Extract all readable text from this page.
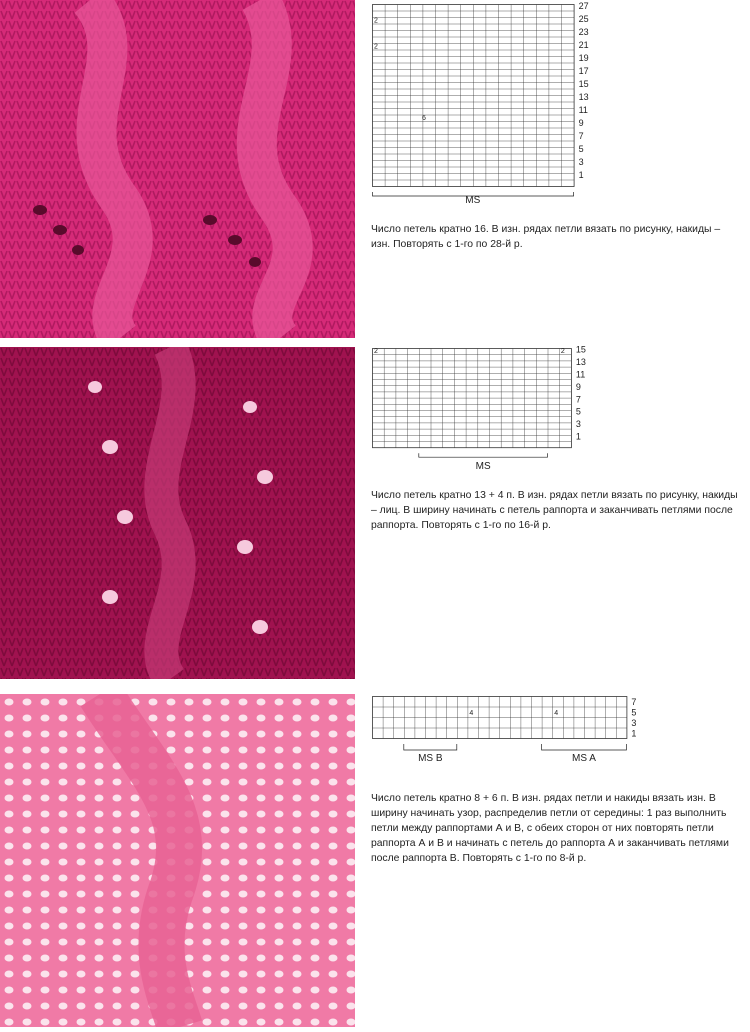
27
25
23
21
19
17
15
13
11
9
7
5
3
1
2
2
6
MS

Число петель кратно 16. В изн. рядах петли вязать по рисунку, накиды – изн. Повторять с 1-го по 28-й р.

15
13
11
9
7
5
3
1
2	2
MS

Число петель кратно 13 + 4 п. В изн. рядах петли вязать по рисунку, накиды – лиц. В ширину начинать с петель раппорта и заканчивать петлями после раппорта. Повторять с 1-го по 16-й р.

7
5
3
1
4	4
MS B	MS A

Число петель кратно 8 + 6 п. В изн. рядах петли и накиды вязать изн. В ширину начинать узор, распределив петли от середины: 1 раз выполнить петли между раппортами А и В, с обеих сторон от них повторять петли раппорта А и В и начинать с петель до раппорта А и заканчивать петлями после раппорта В. Повторять с 1-го по 8-й р.
